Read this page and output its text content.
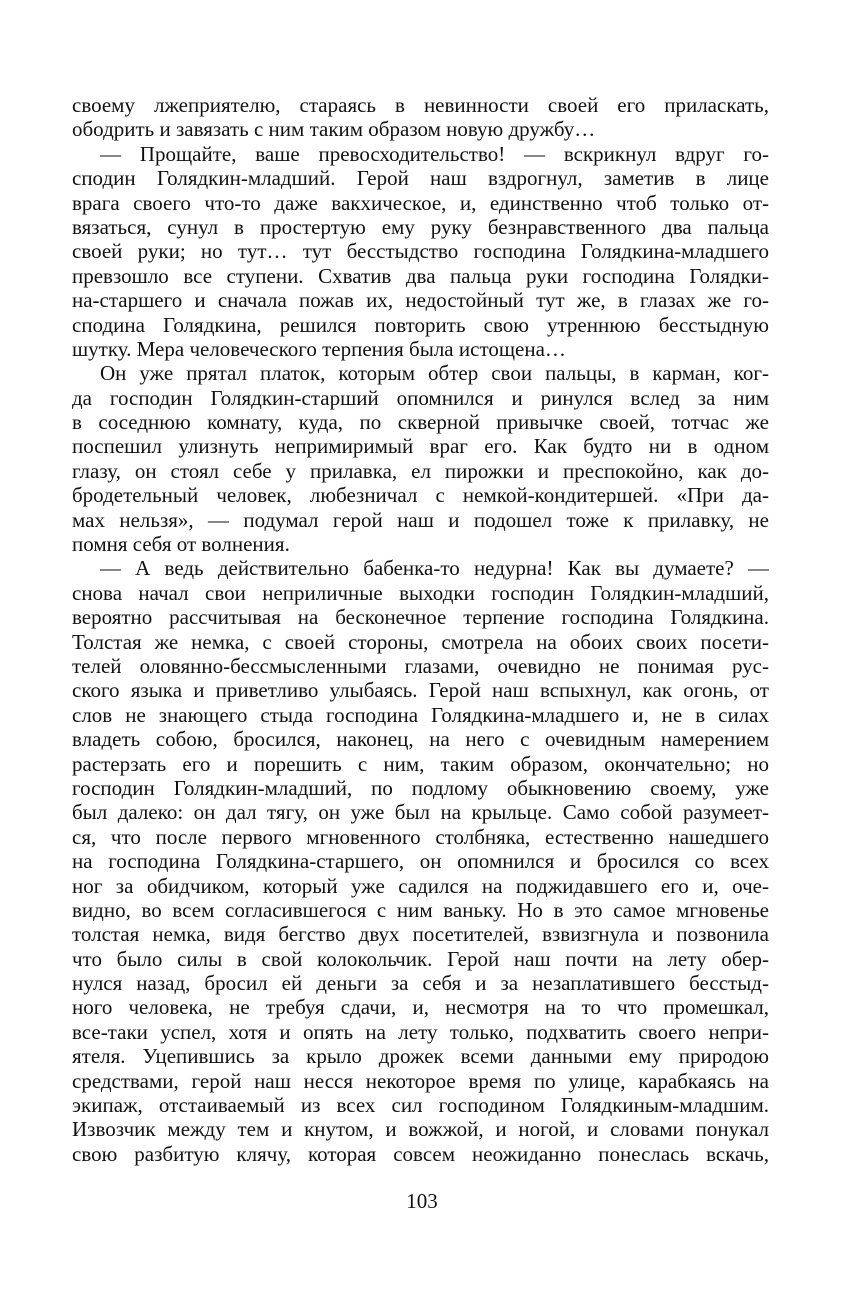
своему лжеприятелю, стараясь в невинности своей его приласкать,
ободрить и завязать с ним таким образом новую дружбу…
— Прощайте, ваше превосходительство! — вскрикнул вдруг го-
сподин Голядкин-младший. Герой наш вздрогнул, заметив в лице
врага своего что-то даже вакхическое, и, единственно чтоб только от-
вязаться, сунул в простертую ему руку безнравственного два пальца
своей руки; но тут… тут бесстыдство господина Голядкина-младшего
превзошло все ступени. Схватив два пальца руки господина Голядки-
на-старшего и сначала пожав их, недостойный тут же, в глазах же го-
сподина Голядкина, решился повторить свою утреннюю бесстыдную
шутку. Мера человеческого терпения была истощена…
Он уже прятал платок, которым обтер свои пальцы, в карман, ког-
да господин Голядкин-старший опомнился и ринулся вслед за ним
в соседнюю комнату, куда, по скверной привычке своей, тотчас же
поспешил улизнуть непримиримый враг его. Как будто ни в одном
глазу, он стоял себе у прилавка, ел пирожки и преспокойно, как до-
бродетельный человек, любезничал с немкой-кондитершей. «При да-
мах нельзя», — подумал герой наш и подошел тоже к прилавку, не
помня себя от волнения.
— А ведь действительно бабенка-то недурна! Как вы думаете? —
снова начал свои неприличные выходки господин Голядкин-младший,
вероятно рассчитывая на бесконечное терпение господина Голядкина.
Толстая же немка, с своей стороны, смотрела на обоих своих посети-
телей оловянно-бессмысленными глазами, очевидно не понимая рус-
ского языка и приветливо улыбаясь. Герой наш вспыхнул, как огонь, от
слов не знающего стыда господина Голядкина-младшего и, не в силах
владеть собою, бросился, наконец, на него с очевидным намерением
растерзать его и порешить с ним, таким образом, окончательно; но
господин Голядкин-младший, по подлому обыкновению своему, уже
был далеко: он дал тягу, он уже был на крыльце. Само собой разумеет-
ся, что после первого мгновенного столбняка, естественно нашедшего
на господина Голядкина-старшего, он опомнился и бросился со всех
ног за обидчиком, который уже садился на поджидавшего его и, оче-
видно, во всем согласившегося с ним ваньку. Но в это самое мгновенье
толстая немка, видя бегство двух посетителей, взвизгнула и позвонила
что было силы в свой колокольчик. Герой наш почти на лету обер-
нулся назад, бросил ей деньги за себя и за незаплатившего бесстыд-
ного человека, не требуя сдачи, и, несмотря на то что промешкал,
все-таки успел, хотя и опять на лету только, подхватить своего непри-
ятеля. Уцепившись за крыло дрожек всеми данными ему природою
средствами, герой наш несся некоторое время по улице, карабкаясь на
экипаж, отстаиваемый из всех сил господином Голядкиным-младшим.
Извозчик между тем и кнутом, и вожжой, и ногой, и словами понукал
свою разбитую клячу, которая совсем неожиданно понеслась вскачь,
103
